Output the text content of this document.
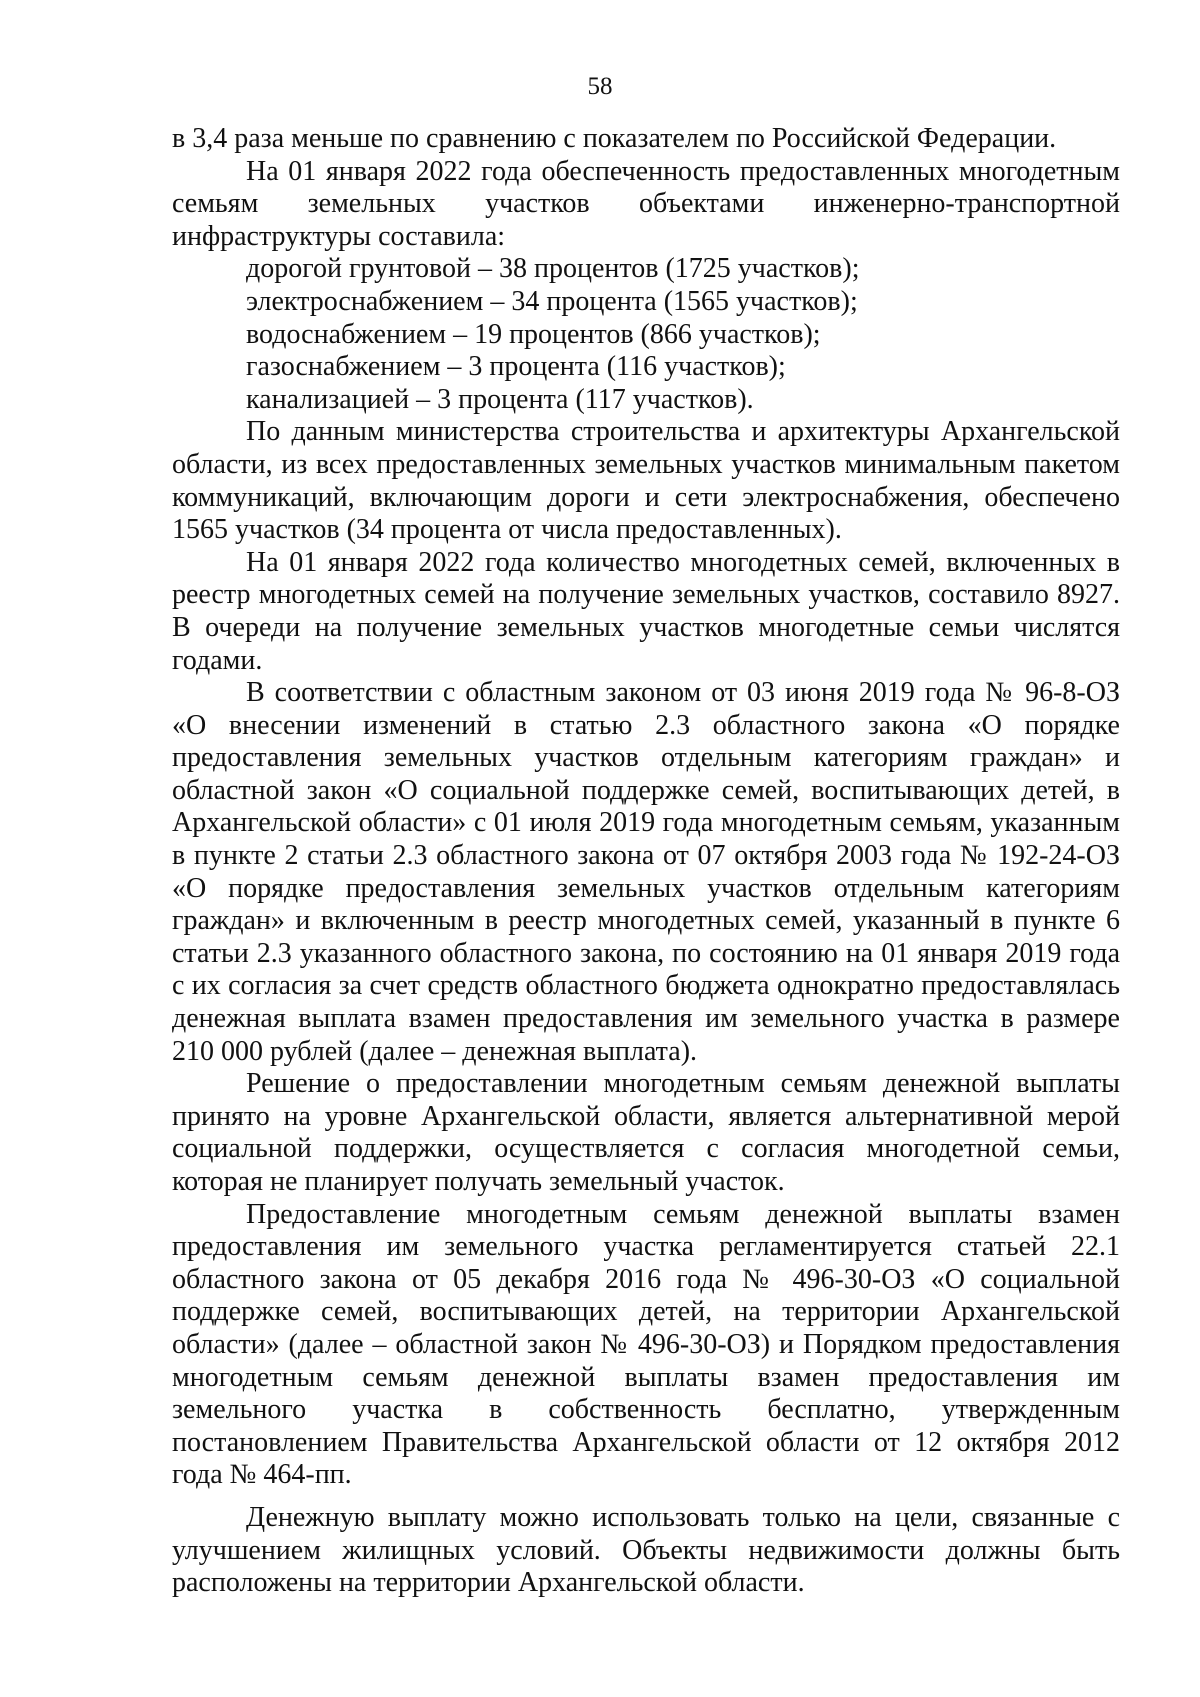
58

в 3,4 раза меньше по сравнению с показателем по Российской Федерации.

На 01 января 2022 года обеспеченность предоставленных многодетным семьям земельных участков объектами инженерно-транспортной инфраструктуры составила:

дорогой грунтовой – 38 процентов (1725 участков);

электроснабжением – 34 процента (1565 участков);

водоснабжением – 19 процентов (866 участков);

газоснабжением – 3 процента (116 участков);

канализацией – 3 процента (117 участков).

По данным министерства строительства и архитектуры Архангельской области, из всех предоставленных земельных участков минимальным пакетом коммуникаций, включающим дороги и сети электроснабжения, обеспечено 1565 участков (34 процента от числа предоставленных).

На 01 января 2022 года количество многодетных семей, включенных в реестр многодетных семей на получение земельных участков, составило 8927. В очереди на получение земельных участков многодетные семьи числятся годами.

В соответствии с областным законом от 03 июня 2019 года № 96-8-ОЗ «О внесении изменений в статью 2.3 областного закона «О порядке предоставления земельных участков отдельным категориям граждан» и областной закон «О социальной поддержке семей, воспитывающих детей, в Архангельской области» с 01 июля 2019 года многодетным семьям, указанным в пункте 2 статьи 2.3 областного закона от 07 октября 2003 года № 192-24-ОЗ «О порядке предоставления земельных участков отдельным категориям граждан» и включенным в реестр многодетных семей, указанный в пункте 6 статьи 2.3 указанного областного закона, по состоянию на 01 января 2019 года с их согласия за счет средств областного бюджета однократно предоставлялась денежная выплата взамен предоставления им земельного участка в размере 210 000 рублей (далее – денежная выплата).

Решение о предоставлении многодетным семьям денежной выплаты принято на уровне Архангельской области, является альтернативной мерой социальной поддержки, осуществляется с согласия многодетной семьи, которая не планирует получать земельный участок.

Предоставление многодетным семьям денежной выплаты взамен предоставления им земельного участка регламентируется статьей 22.1 областного закона от 05 декабря 2016 года № 496-30-ОЗ «О социальной поддержке семей, воспитывающих детей, на территории Архангельской области» (далее – областной закон № 496-30-ОЗ) и Порядком предоставления многодетным семьям денежной выплаты взамен предоставления им земельного участка в собственность бесплатно, утвержденным постановлением Правительства Архангельской области от 12 октября 2012 года № 464-пп.

Денежную выплату можно использовать только на цели, связанные с улучшением жилищных условий. Объекты недвижимости должны быть расположены на территории Архангельской области.
